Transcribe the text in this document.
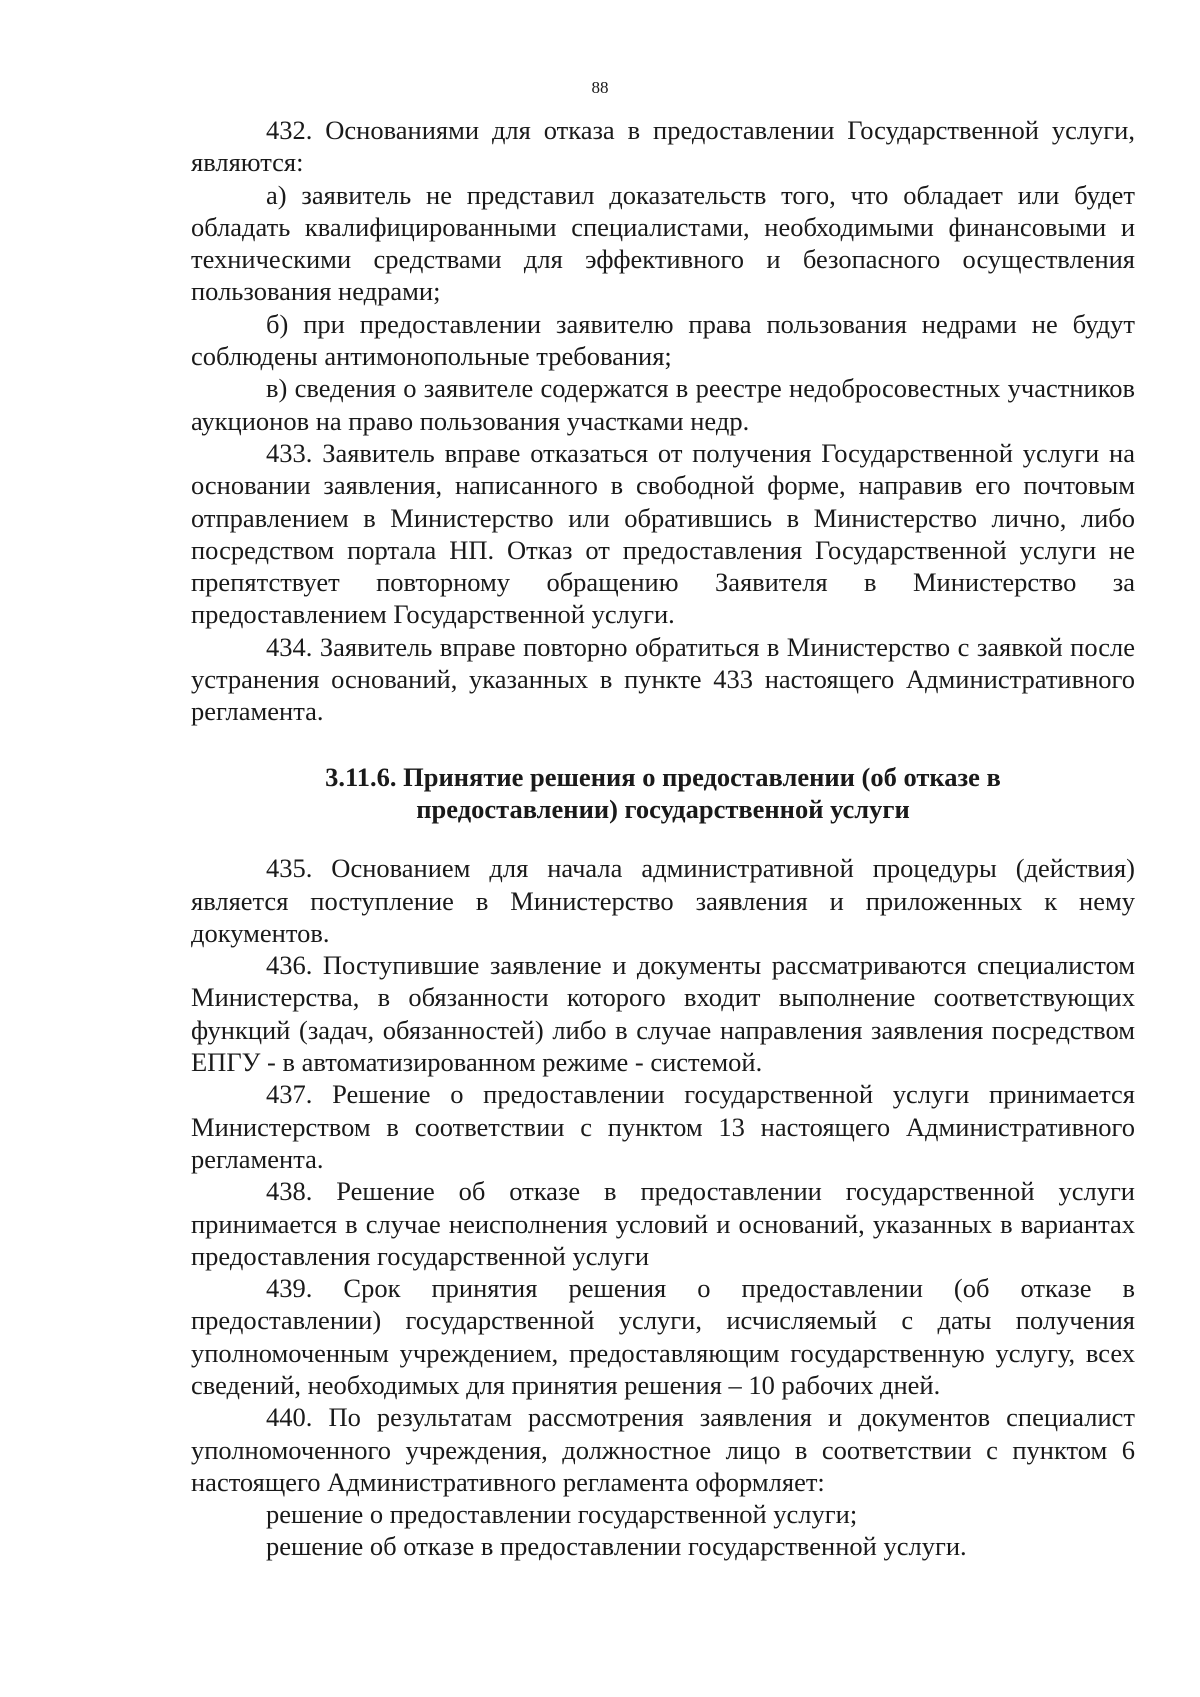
88

432. Основаниями для отказа в предоставлении Государственной услуги, являются:

а) заявитель не представил доказательств того, что обладает или будет обладать квалифицированными специалистами, необходимыми финансовыми и техническими средствами для эффективного и безопасного осуществления пользования недрами;

б) при предоставлении заявителю права пользования недрами не будут соблюдены антимонопольные требования;

в) сведения о заявителе содержатся в реестре недобросовестных участников аукционов на право пользования участками недр.

433. Заявитель вправе отказаться от получения Государственной услуги на основании заявления, написанного в свободной форме, направив его почтовым отправлением в Министерство или обратившись в Министерство лично, либо посредством портала НП. Отказ от предоставления Государственной услуги не препятствует повторному обращению Заявителя в Министерство за предоставлением Государственной услуги.

434. Заявитель вправе повторно обратиться в Министерство с заявкой после устранения оснований, указанных в пункте 433 настоящего Административного регламента.

3.11.6. Принятие решения о предоставлении (об отказе в
предоставлении) государственной услуги

435. Основанием для начала административной процедуры (действия) является поступление в Министерство заявления и приложенных к нему документов.

436. Поступившие заявление и документы рассматриваются специалистом Министерства, в обязанности которого входит выполнение соответствующих функций (задач, обязанностей) либо в случае направления заявления посредством ЕПГУ - в автоматизированном режиме - системой.

437. Решение о предоставлении государственной услуги принимается Министерством в соответствии с пунктом 13 настоящего Административного регламента.

438. Решение об отказе в предоставлении государственной услуги принимается в случае неисполнения условий и оснований, указанных в вариантах предоставления государственной услуги

439. Срок принятия решения о предоставлении (об отказе в предоставлении) государственной услуги, исчисляемый с даты получения уполномоченным учреждением, предоставляющим государственную услугу, всех сведений, необходимых для принятия решения – 10 рабочих дней.

440. По результатам рассмотрения заявления и документов специалист уполномоченного учреждения, должностное лицо в соответствии с пунктом 6 настоящего Административного регламента оформляет:

решение о предоставлении государственной услуги;

решение об отказе в предоставлении государственной услуги.
